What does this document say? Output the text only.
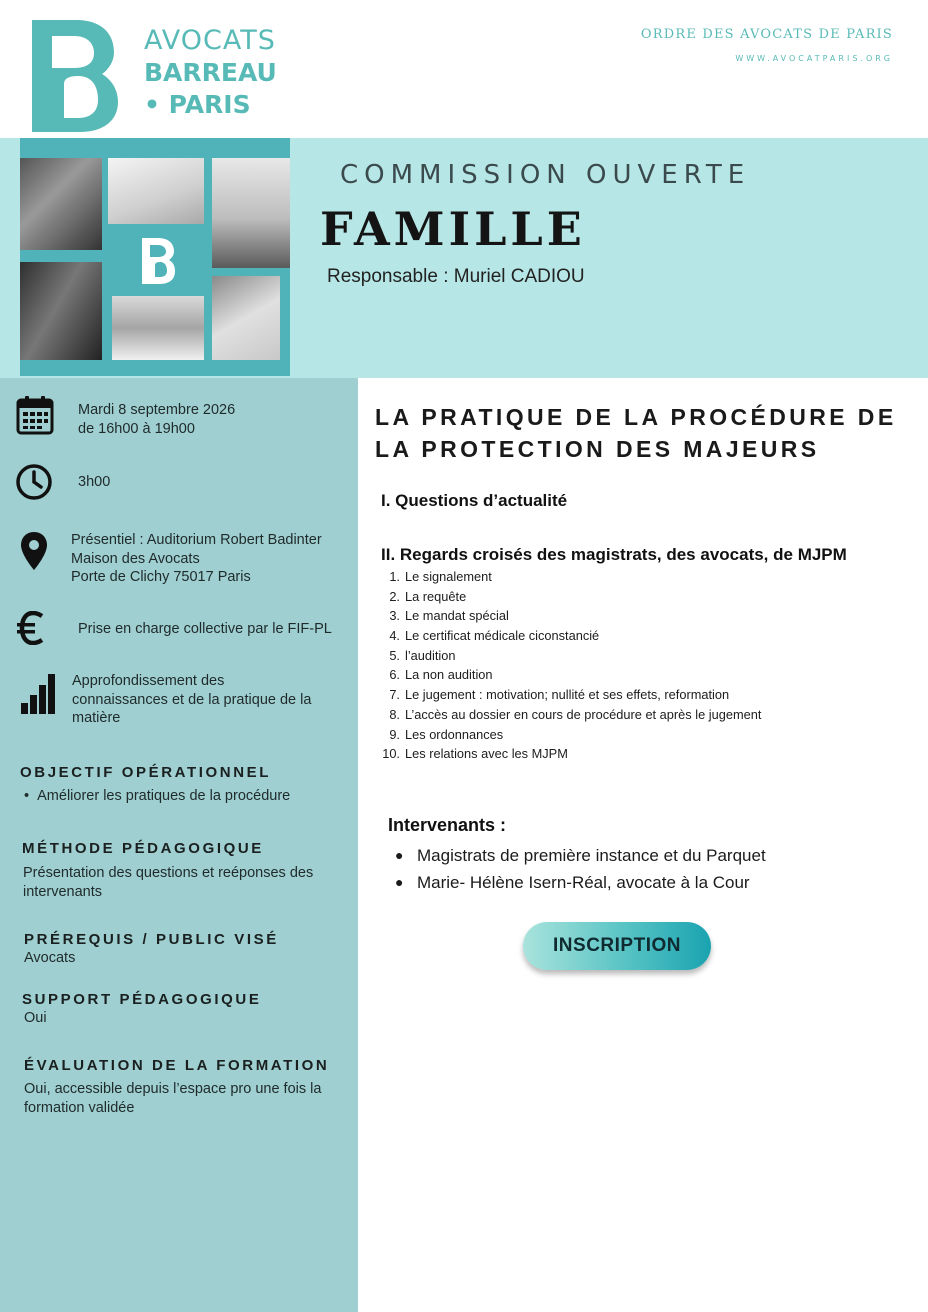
AVOCATS
BARREAU
• PARIS
ORDRE DES AVOCATS DE PARIS
WWW.AVOCATPARIS.ORG
COMMISSION OUVERTE
FAMILLE
Responsable : Muriel CADIOU
Mardi 8 septembre 2026
de 16h00 à 19h00
3h00
Présentiel : Auditorium Robert Badinter
Maison des Avocats
Porte de Clichy 75017 Paris
Prise en charge collective par le FIF-PL
Approfondissement des
connaissances et de la pratique de la
matière
OBJECTIF OPÉRATIONNEL
•  Améliorer les pratiques de la procédure
MÉTHODE PÉDAGOGIQUE
Présentation des questions et reéponses des
intervenants
PRÉREQUIS / PUBLIC VISÉ
Avocats
SUPPORT PÉDAGOGIQUE
Oui
ÉVALUATION DE LA FORMATION
Oui, accessible depuis l’espace pro une fois la
formation validée
LA PRATIQUE DE LA PROCÉDURE DE
LA PROTECTION DES MAJEURS
I. Questions d’actualité
II. Regards croisés des magistrats, des avocats, de MJPM
1. Le signalement
2. La requête
3. Le mandat spécial
4. Le certificat médicale ciconstancié
5. l’audition
6. La non audition
7. Le jugement : motivation; nullité et ses effets, reformation
8. L’accès au dossier en cours de procédure et après le jugement
9. Les ordonnances
10. Les relations avec les MJPM
Intervenants :
● Magistrats de première instance et du Parquet
● Marie- Hélène Isern-Réal, avocate à la Cour
INSCRIPTION
